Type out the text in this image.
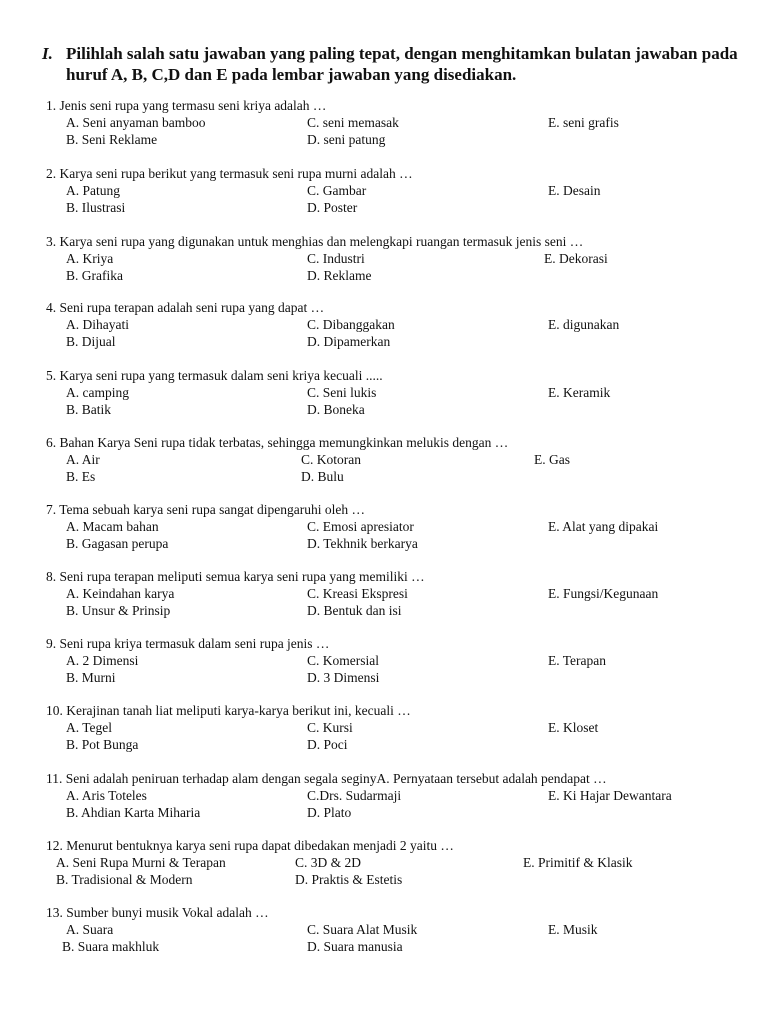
I. Pilihlah salah satu jawaban yang paling tepat, dengan menghitamkan bulatan jawaban pada huruf A, B, C,D dan E pada lembar jawaban yang disediakan.
1. Jenis seni rupa yang termasu seni kriya adalah …
A. Seni anyaman bamboo	C. seni memasak	E. seni grafis
B. Seni Reklame	D. seni patung
2. Karya seni rupa berikut yang termasuk seni rupa murni adalah …
A. Patung	C. Gambar	E. Desain
B. Ilustrasi	D. Poster
3. Karya seni rupa yang digunakan untuk menghias dan melengkapi ruangan termasuk jenis seni …
A. Kriya	C. Industri	E. Dekorasi
B. Grafika	D. Reklame
4. Seni rupa terapan adalah seni rupa yang dapat …
A. Dihayati	C. Dibanggakan	E. digunakan
B. Dijual	D. Dipamerkan
5. Karya seni rupa yang termasuk dalam seni kriya kecuali .....
A. camping	C. Seni lukis	E. Keramik
B. Batik	D. Boneka
6. Bahan Karya Seni rupa tidak terbatas, sehingga memungkinkan melukis dengan …
A. Air	C. Kotoran	E. Gas
B. Es	D. Bulu
7. Tema sebuah karya seni rupa sangat dipengaruhi oleh …
A. Macam bahan	C. Emosi apresiator	E. Alat yang dipakai
B. Gagasan perupa	D. Tekhnik berkarya
8. Seni rupa terapan meliputi semua karya seni rupa yang memiliki …
A. Keindahan karya	C. Kreasi Ekspresi	E. Fungsi/Kegunaan
B. Unsur & Prinsip	D. Bentuk dan isi
9. Seni rupa kriya termasuk dalam seni rupa jenis …
A. 2 Dimensi	C. Komersial	E. Terapan
B. Murni	D. 3 Dimensi
10. Kerajinan tanah liat meliputi karya-karya berikut ini, kecuali …
A. Tegel	C. Kursi	E. Kloset
B. Pot Bunga	D. Poci
11. Seni adalah peniruan terhadap alam dengan segala seginyA. Pernyataan tersebut adalah pendapat …
A. Aris Toteles	C.Drs. Sudarmaji	E. Ki Hajar Dewantara
B. Ahdian Karta Miharia	D. Plato
12. Menurut bentuknya karya seni rupa dapat dibedakan menjadi 2 yaitu …
A. Seni Rupa Murni & Terapan	C. 3D & 2D	E. Primitif & Klasik
B. Tradisional & Modern	D. Praktis & Estetis
13. Sumber bunyi musik Vokal adalah …
A. Suara	C. Suara Alat Musik	E. Musik
B. Suara makhluk	D. Suara manusia
